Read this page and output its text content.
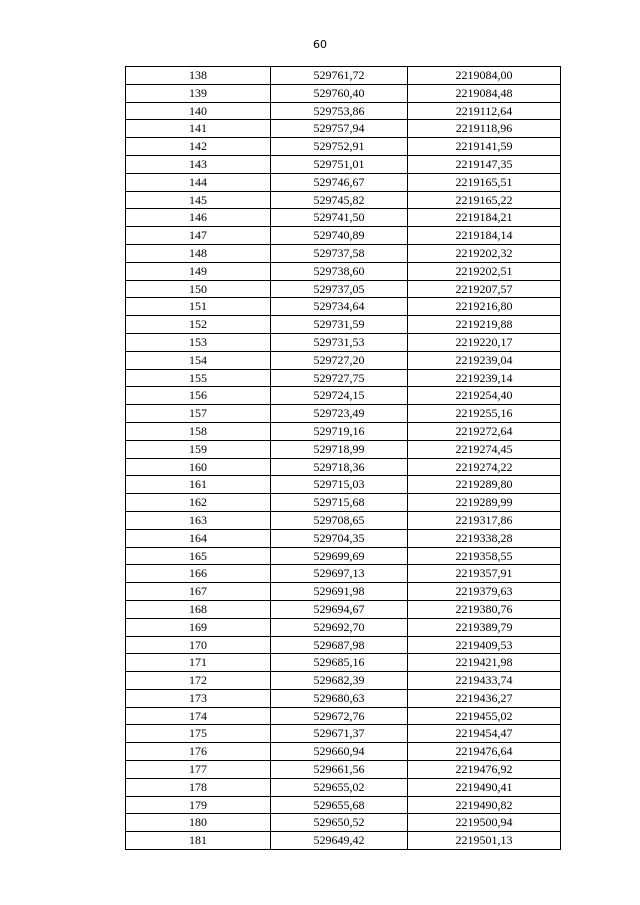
60
138	529761,72	2219084,00
139	529760,40	2219084,48
140	529753,86	2219112,64
141	529757,94	2219118,96
142	529752,91	2219141,59
143	529751,01	2219147,35
144	529746,67	2219165,51
145	529745,82	2219165,22
146	529741,50	2219184,21
147	529740,89	2219184,14
148	529737,58	2219202,32
149	529738,60	2219202,51
150	529737,05	2219207,57
151	529734,64	2219216,80
152	529731,59	2219219,88
153	529731,53	2219220,17
154	529727,20	2219239,04
155	529727,75	2219239,14
156	529724,15	2219254,40
157	529723,49	2219255,16
158	529719,16	2219272,64
159	529718,99	2219274,45
160	529718,36	2219274,22
161	529715,03	2219289,80
162	529715,68	2219289,99
163	529708,65	2219317,86
164	529704,35	2219338,28
165	529699,69	2219358,55
166	529697,13	2219357,91
167	529691,98	2219379,63
168	529694,67	2219380,76
169	529692,70	2219389,79
170	529687,98	2219409,53
171	529685,16	2219421,98
172	529682,39	2219433,74
173	529680,63	2219436,27
174	529672,76	2219455,02
175	529671,37	2219454,47
176	529660,94	2219476,64
177	529661,56	2219476,92
178	529655,02	2219490,41
179	529655,68	2219490,82
180	529650,52	2219500,94
181	529649,42	2219501,13
